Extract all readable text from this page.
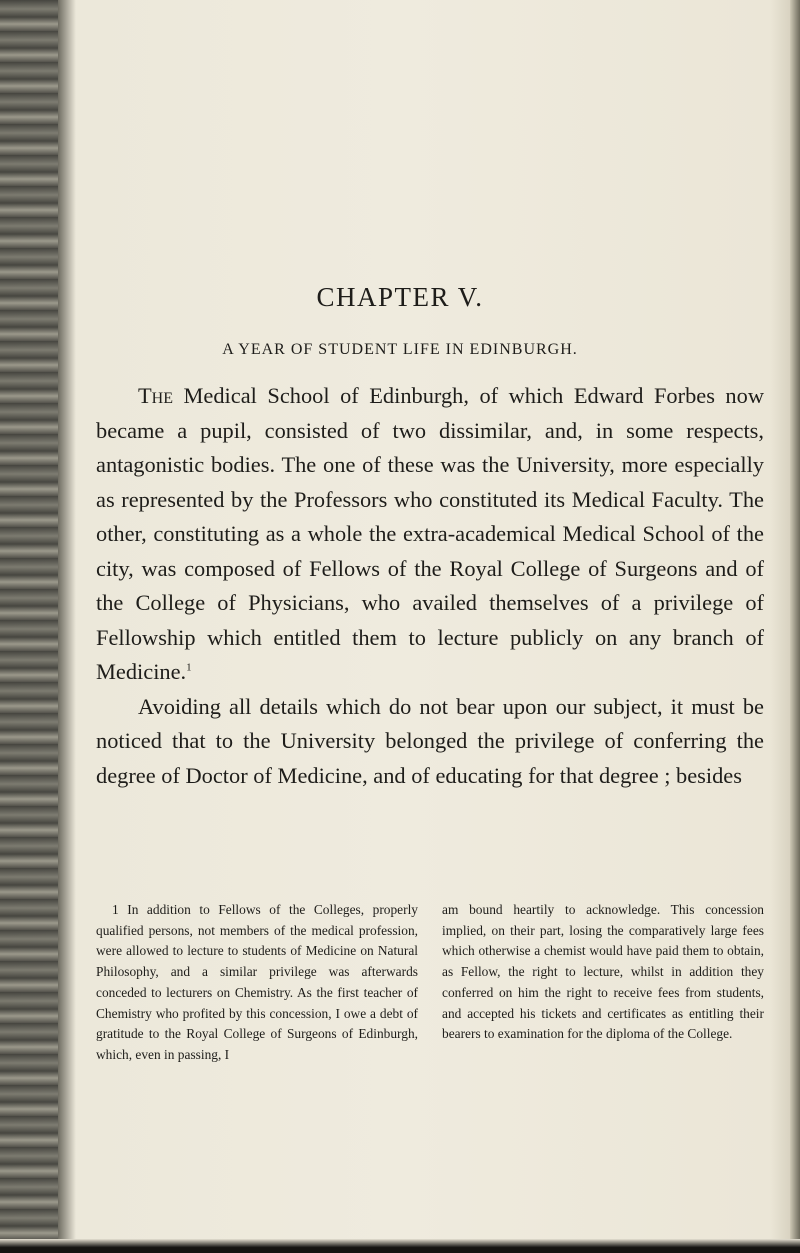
CHAPTER V.
A YEAR OF STUDENT LIFE IN EDINBURGH.

The Medical School of Edinburgh, of which Edward Forbes now became a pupil, consisted of two dissimilar, and, in some respects, antagonistic bodies. The one of these was the University, more especially as represented by the Professors who constituted its Medical Faculty. The other, constituting as a whole the extra-academical Medical School of the city, was composed of Fellows of the Royal College of Surgeons and of the College of Physicians, who availed themselves of a privilege of Fellowship which entitled them to lecture publicly on any branch of Medicine.$^1$

Avoiding all details which do not bear upon our subject, it must be noticed that to the University belonged the privilege of conferring the degree of Doctor of Medicine, and of educating for that degree ; besides

1 In addition to Fellows of the Colleges, properly qualified persons, not members of the medical profession, were allowed to lecture to students of Medicine on Natural Philosophy, and a similar privilege was afterwards conceded to lecturers on Chemistry. As the first teacher of Chemistry who profited by this concession, I owe a debt of gratitude to the Royal College of Surgeons of Edinburgh, which, even in passing, I

am bound heartily to acknowledge. This concession implied, on their part, losing the comparatively large fees which otherwise a chemist would have paid them to obtain, as Fellow, the right to lecture, whilst in addition they conferred on him the right to receive fees from students, and accepted his tickets and certificates as entitling their bearers to examination for the diploma of the College.
